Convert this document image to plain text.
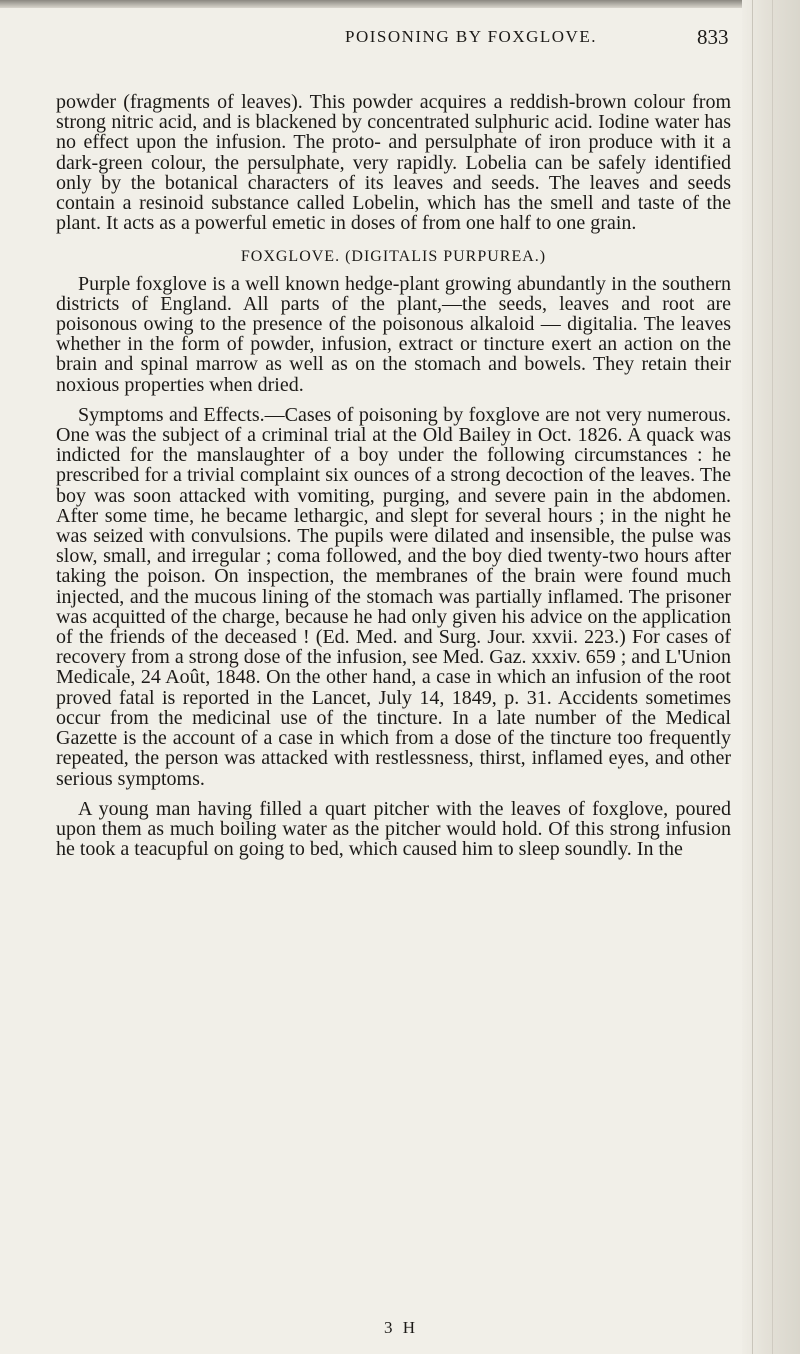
POISONING BY FOXGLOVE.	833

powder (fragments of leaves). This powder acquires a reddish-brown colour from strong nitric acid, and is blackened by concentrated sulphuric acid. Iodine water has no effect upon the infusion. The proto- and persulphate of iron produce with it a dark-green colour, the persulphate, very rapidly. Lobelia can be safely identified only by the botanical characters of its leaves and seeds. The leaves and seeds contain a resinoid substance called Lobelin, which has the smell and taste of the plant. It acts as a powerful emetic in doses of from one half to one grain.

FOXGLOVE. (DIGITALIS PURPUREA.)

Purple foxglove is a well known hedge-plant growing abundantly in the southern districts of England. All parts of the plant,—the seeds, leaves and root are poisonous owing to the presence of the poisonous alkaloid — digitalia. The leaves whether in the form of powder, infusion, extract or tincture exert an action on the brain and spinal marrow as well as on the stomach and bowels. They retain their noxious properties when dried.

Symptoms and Effects.—Cases of poisoning by foxglove are not very numerous. One was the subject of a criminal trial at the Old Bailey in Oct. 1826. A quack was indicted for the manslaughter of a boy under the following circumstances : he prescribed for a trivial complaint six ounces of a strong decoction of the leaves. The boy was soon attacked with vomiting, purging, and severe pain in the abdomen. After some time, he became lethargic, and slept for several hours ; in the night he was seized with convulsions. The pupils were dilated and insensible, the pulse was slow, small, and irregular ; coma followed, and the boy died twenty-two hours after taking the poison. On inspection, the membranes of the brain were found much injected, and the mucous lining of the stomach was partially inflamed. The prisoner was acquitted of the charge, because he had only given his advice on the application of the friends of the deceased ! (Ed. Med. and Surg. Jour. xxvii. 223.) For cases of recovery from a strong dose of the infusion, see Med. Gaz. xxxiv. 659 ; and L'Union Medicale, 24 Août, 1848. On the other hand, a case in which an infusion of the root proved fatal is reported in the Lancet, July 14, 1849, p. 31. Accidents sometimes occur from the medicinal use of the tincture. In a late number of the Medical Gazette is the account of a case in which from a dose of the tincture too frequently repeated, the person was attacked with restlessness, thirst, inflamed eyes, and other serious symptoms.

A young man having filled a quart pitcher with the leaves of foxglove, poured upon them as much boiling water as the pitcher would hold. Of this strong infusion he took a teacupful on going to bed, which caused him to sleep soundly. In the

3 H
